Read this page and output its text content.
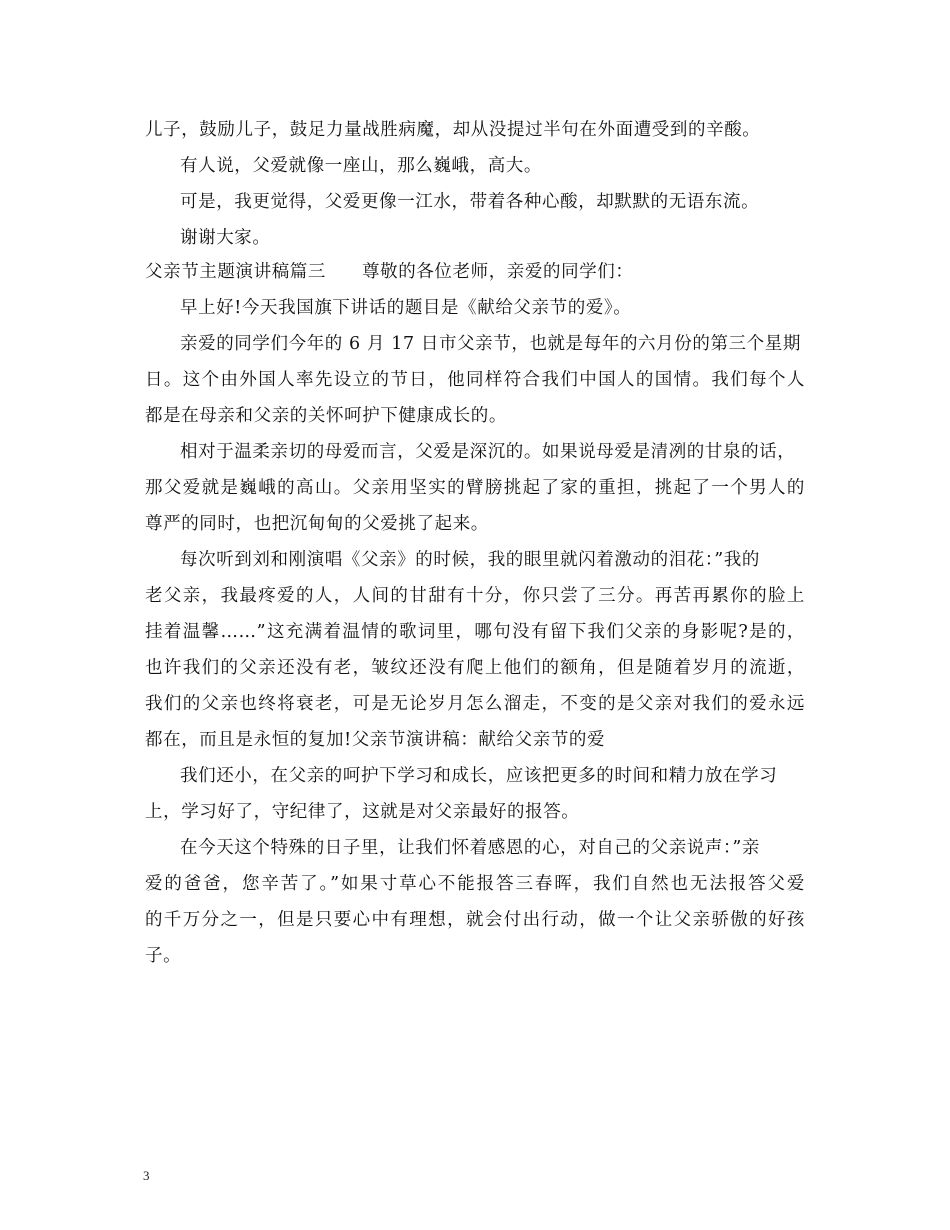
儿子，鼓励儿子，鼓足力量战胜病魔，却从没提过半句在外面遭受到的辛酸。
有人说，父爱就像一座山，那么巍峨，高大。
可是，我更觉得，父爱更像一江水，带着各种心酸，却默默的无语东流。
谢谢大家。
父亲节主题演讲稿篇三 尊敬的各位老师，亲爱的同学们：
早上好!今天我国旗下讲话的题目是《献给父亲节的爱》。
亲爱的同学们今年的 6 月 17 日市父亲节，也就是每年的六月份的第三个星期
日。这个由外国人率先设立的节日，他同样符合我们中国人的国情。我们每个人
都是在母亲和父亲的关怀呵护下健康成长的。
相对于温柔亲切的母爱而言，父爱是深沉的。如果说母爱是清冽的甘泉的话，
那父爱就是巍峨的高山。父亲用坚实的臂膀挑起了家的重担，挑起了一个男人的
尊严的同时，也把沉甸甸的父爱挑了起来。
每次听到刘和刚演唱《父亲》的时候，我的眼里就闪着激动的泪花：”我的
老父亲，我最疼爱的人，人间的甘甜有十分，你只尝了三分。再苦再累你的脸上
挂着温馨……”这充满着温情的歌词里，哪句没有留下我们父亲的身影呢?是的，
也许我们的父亲还没有老，皱纹还没有爬上他们的额角，但是随着岁月的流逝，
我们的父亲也终将衰老，可是无论岁月怎么溜走，不变的是父亲对我们的爱永远
都在，而且是永恒的复加!父亲节演讲稿：献给父亲节的爱
我们还小，在父亲的呵护下学习和成长，应该把更多的时间和精力放在学习
上，学习好了，守纪律了，这就是对父亲最好的报答。
在今天这个特殊的日子里，让我们怀着感恩的心，对自己的父亲说声：”亲
爱的爸爸，您辛苦了。”如果寸草心不能报答三春晖，我们自然也无法报答父爱
的千万分之一，但是只要心中有理想，就会付出行动，做一个让父亲骄傲的好孩
子。
3
